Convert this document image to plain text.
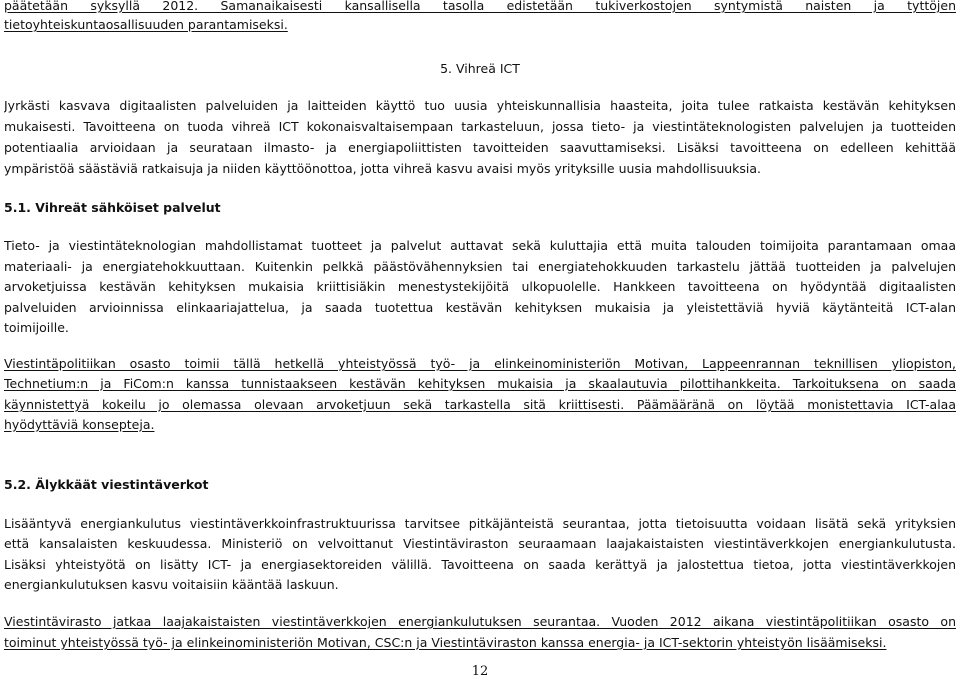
päätetään syksyllä 2012. Samanaikaisesti kansallisella tasolla edistetään tukiverkostojen syntymistä naisten ja tyttöjen
tietoyhteiskuntaosallisuuden parantamiseksi.
5. Vihreä ICT
Jyrkästi kasvava digitaalisten palveluiden ja laitteiden käyttö tuo uusia yhteiskunnallisia haasteita, joita tulee ratkaista kestävän kehityksen
mukaisesti. Tavoitteena on tuoda vihreä ICT kokonaisvaltaisempaan tarkasteluun, jossa tieto- ja viestintäteknologisten palvelujen ja tuotteiden
potentiaalia arvioidaan ja seurataan ilmasto- ja energiapoliittisten tavoitteiden saavuttamiseksi. Lisäksi tavoitteena on edelleen kehittää
ympäristöä säästäviä ratkaisuja ja niiden käyttöönottoa, jotta vihreä kasvu avaisi myös yrityksille uusia mahdollisuuksia.
5.1. Vihreät sähköiset palvelut
Tieto- ja viestintäteknologian mahdollistamat tuotteet ja palvelut auttavat sekä kuluttajia että muita talouden toimijoita parantamaan omaa
materiaali- ja energiatehokkuuttaan. Kuitenkin pelkkä päästövähennyksien tai energiatehokkuuden tarkastelu jättää tuotteiden ja palvelujen
arvoketjuissa kestävän kehityksen mukaisia kriittisiäkin menestystekijöitä ulkopuolelle. Hankkeen tavoitteena on hyödyntää digitaalisten
palveluiden arvioinnissa elinkaariajattelua, ja saada tuotettua kestävän kehityksen mukaisia ja yleistettäviä hyviä käytänteitä ICT-alan
toimijoille.
Viestintäpolitiikan osasto toimii tällä hetkellä yhteistyössä työ- ja elinkeinoministeriön Motivan, Lappeenrannan teknillisen yliopiston,
Technetium:n ja FiCom:n kanssa tunnistaakseen kestävän kehityksen mukaisia ja skaalautuvia pilottihankkeita. Tarkoituksena on saada
käynnistettyä kokeilu jo olemassa olevaan arvoketjuun sekä tarkastella sitä kriittisesti. Päämääränä on löytää monistettavia ICT-alaa
hyödyttäviä konsepteja.
5.2. Älykkäät viestintäverkot
Lisääntyvä energiankulutus viestintäverkkoinfrastruktuurissa tarvitsee pitkäjänteistä seurantaa, jotta tietoisuutta voidaan lisätä sekä yrityksien
että kansalaisten keskuudessa. Ministeriö on velvoittanut Viestintäviraston seuraamaan laajakaistaisten viestintäverkkojen energiankulutusta.
Lisäksi yhteistyötä on lisätty ICT- ja energiasektoreiden välillä. Tavoitteena on saada kerättyä ja jalostettua tietoa, jotta viestintäverkkojen
energiankulutuksen kasvu voitaisiin kääntää laskuun.
Viestintävirasto jatkaa laajakaistaisten viestintäverkkojen energiankulutuksen seurantaa. Vuoden 2012 aikana viestintäpolitiikan osasto on
toiminut yhteistyössä työ- ja elinkeinoministeriön Motivan, CSC:n ja Viestintäviraston kanssa energia- ja ICT-sektorin yhteistyön lisäämiseksi.
12
